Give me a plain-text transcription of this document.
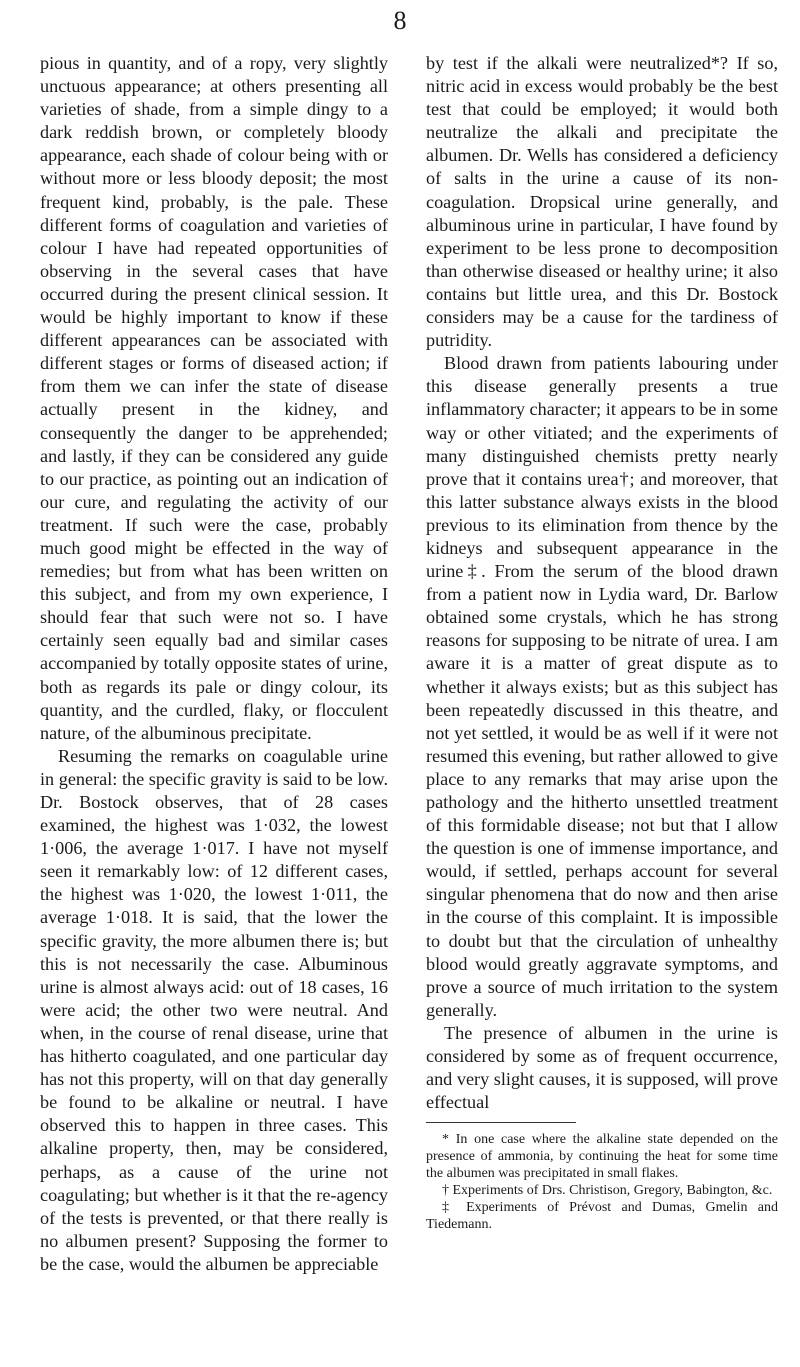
8

pious in quantity, and of a ropy, very slightly unctuous appearance; at others presenting all varieties of shade, from a simple dingy to a dark reddish brown, or completely bloody appearance, each shade of colour being with or without more or less bloody deposit; the most frequent kind, probably, is the pale. These different forms of coagulation and varieties of colour I have had repeated opportunities of observing in the several cases that have occurred during the present clinical session. It would be highly important to know if these different appearances can be associated with different stages or forms of diseased action; if from them we can infer the state of disease actually present in the kidney, and consequently the danger to be apprehended; and lastly, if they can be considered any guide to our practice, as pointing out an indication of our cure, and regulating the activity of our treatment. If such were the case, probably much good might be effected in the way of remedies; but from what has been written on this subject, and from my own experience, I should fear that such were not so. I have certainly seen equally bad and similar cases accompanied by totally opposite states of urine, both as regards its pale or dingy colour, its quantity, and the curdled, flaky, or flocculent nature, of the albuminous precipitate.

Resuming the remarks on coagulable urine in general: the specific gravity is said to be low. Dr. Bostock observes, that of 28 cases examined, the highest was 1·032, the lowest 1·006, the average 1·017. I have not myself seen it remarkably low: of 12 different cases, the highest was 1·020, the lowest 1·011, the average 1·018. It is said, that the lower the specific gravity, the more albumen there is; but this is not necessarily the case. Albuminous urine is almost always acid: out of 18 cases, 16 were acid; the other two were neutral. And when, in the course of renal disease, urine that has hitherto coagulated, and one particular day has not this property, will on that day generally be found to be alkaline or neutral. I have observed this to happen in three cases. This alkaline property, then, may be considered, perhaps, as a cause of the urine not coagulating; but whether is it that the re-agency of the tests is prevented, or that there really is no albumen present? Supposing the former to be the case, would the albumen be appreciable

by test if the alkali were neutralized*? If so, nitric acid in excess would probably be the best test that could be employed; it would both neutralize the alkali and precipitate the albumen. Dr. Wells has considered a deficiency of salts in the urine a cause of its non-coagulation. Dropsical urine generally, and albuminous urine in particular, I have found by experiment to be less prone to decomposition than otherwise diseased or healthy urine; it also contains but little urea, and this Dr. Bostock considers may be a cause for the tardiness of putridity.

Blood drawn from patients labouring under this disease generally presents a true inflammatory character; it appears to be in some way or other vitiated; and the experiments of many distinguished chemists pretty nearly prove that it contains urea†; and moreover, that this latter substance always exists in the blood previous to its elimination from thence by the kidneys and subsequent appearance in the urine‡. From the serum of the blood drawn from a patient now in Lydia ward, Dr. Barlow obtained some crystals, which he has strong reasons for supposing to be nitrate of urea. I am aware it is a matter of great dispute as to whether it always exists; but as this subject has been repeatedly discussed in this theatre, and not yet settled, it would be as well if it were not resumed this evening, but rather allowed to give place to any remarks that may arise upon the pathology and the hitherto unsettled treatment of this formidable disease; not but that I allow the question is one of immense importance, and would, if settled, perhaps account for several singular phenomena that do now and then arise in the course of this complaint. It is impossible to doubt but that the circulation of unhealthy blood would greatly aggravate symptoms, and prove a source of much irritation to the system generally.

The presence of albumen in the urine is considered by some as of frequent occurrence, and very slight causes, it is supposed, will prove effectual

* In one case where the alkaline state depended on the presence of ammonia, by continuing the heat for some time the albumen was precipitated in small flakes.

† Experiments of Drs. Christison, Gregory, Babington, &c.

‡ Experiments of Prévost and Dumas, Gmelin and Tiedemann.
